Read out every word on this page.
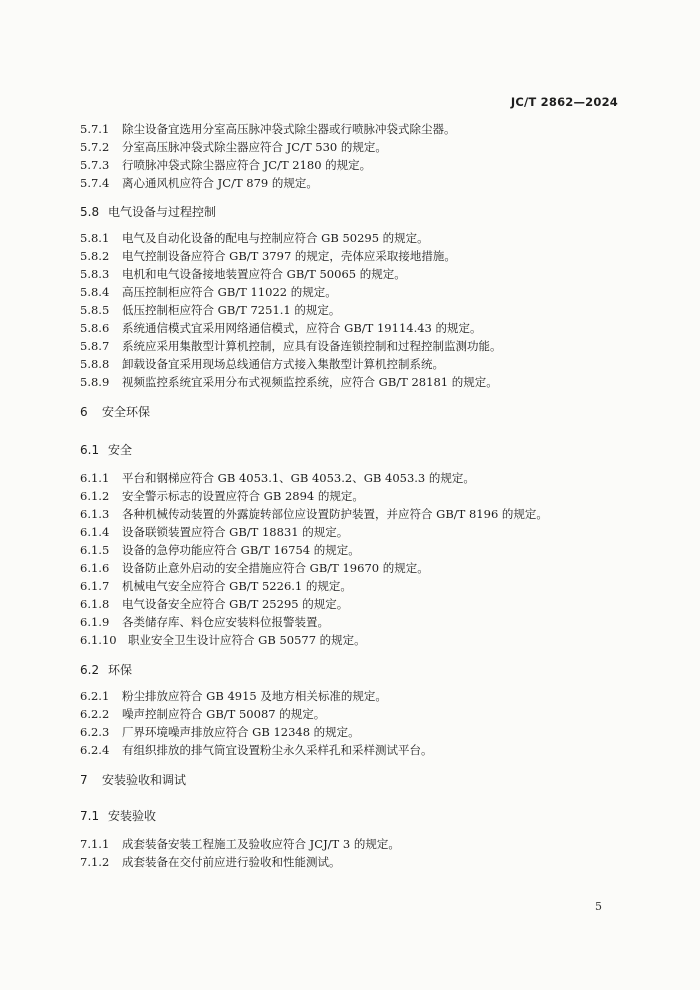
JC/T 2862—2024
5.7.1 除尘设备宜选用分室高压脉冲袋式除尘器或行喷脉冲袋式除尘器。
5.7.2 分室高压脉冲袋式除尘器应符合 JC/T 530 的规定。
5.7.3 行喷脉冲袋式除尘器应符合 JC/T 2180 的规定。
5.7.4 离心通风机应符合 JC/T 879 的规定。
5.8 电气设备与过程控制
5.8.1 电气及自动化设备的配电与控制应符合 GB 50295 的规定。
5.8.2 电气控制设备应符合 GB/T 3797 的规定，壳体应采取接地措施。
5.8.3 电机和电气设备接地装置应符合 GB/T 50065 的规定。
5.8.4 高压控制柜应符合 GB/T 11022 的规定。
5.8.5 低压控制柜应符合 GB/T 7251.1 的规定。
5.8.6 系统通信模式宜采用网络通信模式，应符合 GB/T 19114.43 的规定。
5.8.7 系统应采用集散型计算机控制，应具有设备连锁控制和过程控制监测功能。
5.8.8 卸载设备宜采用现场总线通信方式接入集散型计算机控制系统。
5.8.9 视频监控系统宜采用分布式视频监控系统，应符合 GB/T 28181 的规定。
6 安全环保
6.1 安全
6.1.1 平台和钢梯应符合 GB 4053.1、GB 4053.2、GB 4053.3 的规定。
6.1.2 安全警示标志的设置应符合 GB 2894 的规定。
6.1.3 各种机械传动装置的外露旋转部位应设置防护装置，并应符合 GB/T 8196 的规定。
6.1.4 设备联锁装置应符合 GB/T 18831 的规定。
6.1.5 设备的急停功能应符合 GB/T 16754 的规定。
6.1.6 设备防止意外启动的安全措施应符合 GB/T 19670 的规定。
6.1.7 机械电气安全应符合 GB/T 5226.1 的规定。
6.1.8 电气设备安全应符合 GB/T 25295 的规定。
6.1.9 各类储存库、料仓应安装料位报警装置。
6.1.10 职业安全卫生设计应符合 GB 50577 的规定。
6.2 环保
6.2.1 粉尘排放应符合 GB 4915 及地方相关标准的规定。
6.2.2 噪声控制应符合 GB/T 50087 的规定。
6.2.3 厂界环境噪声排放应符合 GB 12348 的规定。
6.2.4 有组织排放的排气筒宜设置粉尘永久采样孔和采样测试平台。
7 安装验收和调试
7.1 安装验收
7.1.1 成套装备安装工程施工及验收应符合 JCJ/T 3 的规定。
7.1.2 成套装备在交付前应进行验收和性能测试。
5
